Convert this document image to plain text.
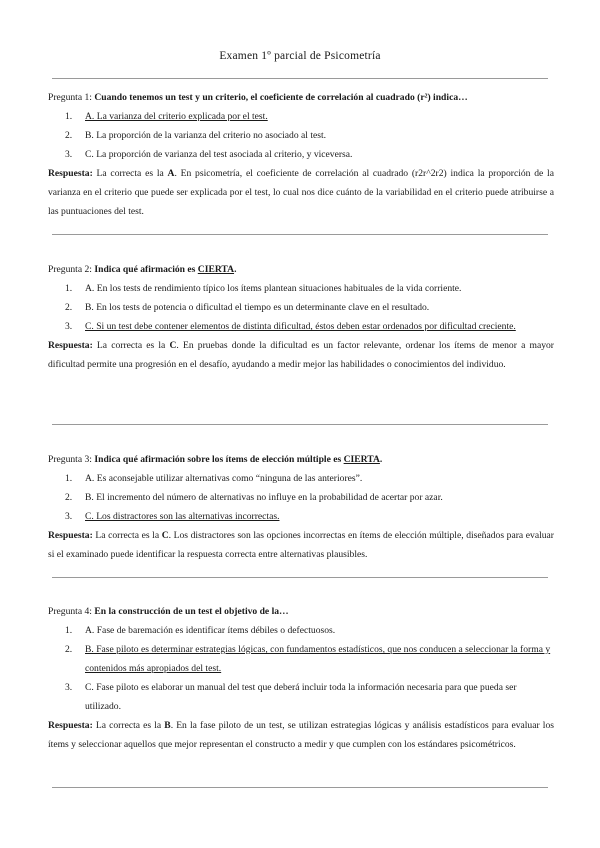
Examen 1º parcial de Psicometría
Pregunta 1: Cuando tenemos un test y un criterio, el coeficiente de correlación al cuadrado (r²) indica…
1. A. La varianza del criterio explicada por el test.
2. B. La proporción de la varianza del criterio no asociado al test.
3. C. La proporción de varianza del test asociada al criterio, y viceversa.
Respuesta: La correcta es la A. En psicometría, el coeficiente de correlación al cuadrado (r2r^2r2) indica la proporción de la varianza en el criterio que puede ser explicada por el test, lo cual nos dice cuánto de la variabilidad en el criterio puede atribuirse a las puntuaciones del test.
Pregunta 2: Indica qué afirmación es CIERTA.
1. A. En los tests de rendimiento típico los ítems plantean situaciones habituales de la vida corriente.
2. B. En los tests de potencia o dificultad el tiempo es un determinante clave en el resultado.
3. C. Si un test debe contener elementos de distinta dificultad, éstos deben estar ordenados por dificultad creciente.
Respuesta: La correcta es la C. En pruebas donde la dificultad es un factor relevante, ordenar los ítems de menor a mayor dificultad permite una progresión en el desafío, ayudando a medir mejor las habilidades o conocimientos del individuo.
Pregunta 3: Indica qué afirmación sobre los ítems de elección múltiple es CIERTA.
1. A. Es aconsejable utilizar alternativas como “ninguna de las anteriores”.
2. B. El incremento del número de alternativas no influye en la probabilidad de acertar por azar.
3. C. Los distractores son las alternativas incorrectas.
Respuesta: La correcta es la C. Los distractores son las opciones incorrectas en ítems de elección múltiple, diseñados para evaluar si el examinado puede identificar la respuesta correcta entre alternativas plausibles.
Pregunta 4: En la construcción de un test el objetivo de la…
1. A. Fase de baremación es identificar ítems débiles o defectuosos.
2. B. Fase piloto es determinar estrategias lógicas, con fundamentos estadísticos, que nos conducen a seleccionar la forma y contenidos más apropiados del test.
3. C. Fase piloto es elaborar un manual del test que deberá incluir toda la información necesaria para que pueda ser utilizado.
Respuesta: La correcta es la B. En la fase piloto de un test, se utilizan estrategias lógicas y análisis estadísticos para evaluar los ítems y seleccionar aquellos que mejor representan el constructo a medir y que cumplen con los estándares psicométricos.
